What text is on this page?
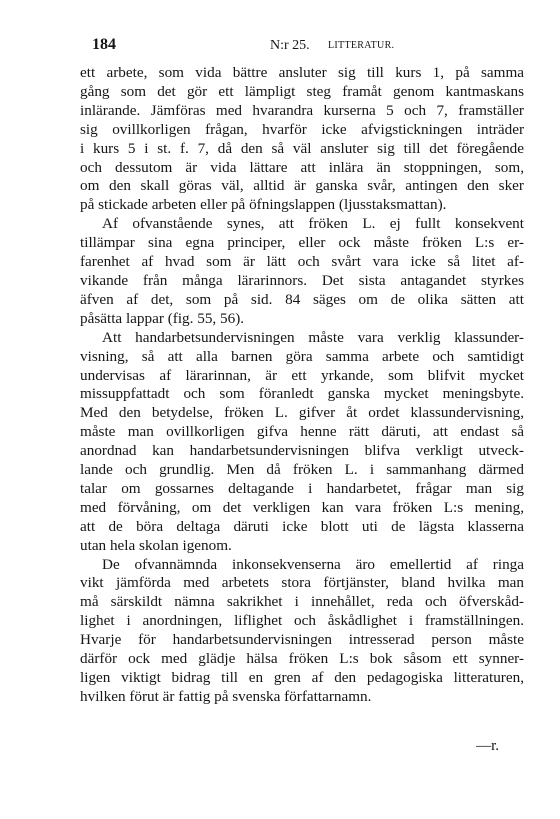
184	N:r 25. LITTERATUR.
ett arbete, som vida bättre ansluter sig till kurs 1, på samma
gång som det gör ett lämpligt steg framåt genom kantmaskans
inlärande. Jämföras med hvarandra kurserna 5 och 7, framställer
sig ovillkorligen frågan, hvarför icke afvigstickningen inträder
i kurs 5 i st. f. 7, då den så väl ansluter sig till det föregående
och dessutom är vida lättare att inlära än stoppningen, som,
om den skall göras väl, alltid är ganska svår, antingen den sker
på stickade arbeten eller på öfningslappen (ljusstaksmattan).
Af ofvanstående synes, att fröken L. ej fullt konsekvent
tillämpar sina egna principer, eller ock måste fröken L:s er-
farenhet af hvad som är lätt och svårt vara icke så litet af-
vikande från många lärarinnors. Det sista antagandet styrkes
äfven af det, som på sid. 84 säges om de olika sätten att
påsätta lappar (fig. 55, 56).
Att handarbetsundervisningen måste vara verklig klassunder-
visning, så att alla barnen göra samma arbete och samtidigt
undervisas af lärarinnan, är ett yrkande, som blifvit mycket
missuppfattadt och som föranledt ganska mycket meningsbyte.
Med den betydelse, fröken L. gifver åt ordet klassundervisning,
måste man ovillkorligen gifva henne rätt däruti, att endast så
anordnad kan handarbetsundervisningen blifva verkligt utveck-
lande och grundlig. Men då fröken L. i sammanhang därmed
talar om gossarnes deltagande i handarbetet, frågar man sig
med förvåning, om det verkligen kan vara fröken L:s mening,
att de böra deltaga däruti icke blott uti de lägsta klasserna
utan hela skolan igenom.
De ofvannämnda inkonsekvenserna äro emellertid af ringa
vikt jämförda med arbetets stora förtjänster, bland hvilka man
må särskildt nämna sakrikhet i innehållet, reda och öfverskåd-
lighet i anordningen, liflighet och åskådlighet i framställningen.
Hvarje för handarbetsundervisningen intresserad person måste
därför ock med glädje hälsa fröken L:s bok såsom ett synner-
ligen viktigt bidrag till en gren af den pedagogiska litteraturen,
hvilken förut är fattig på svenska författarnamn.
—r.
